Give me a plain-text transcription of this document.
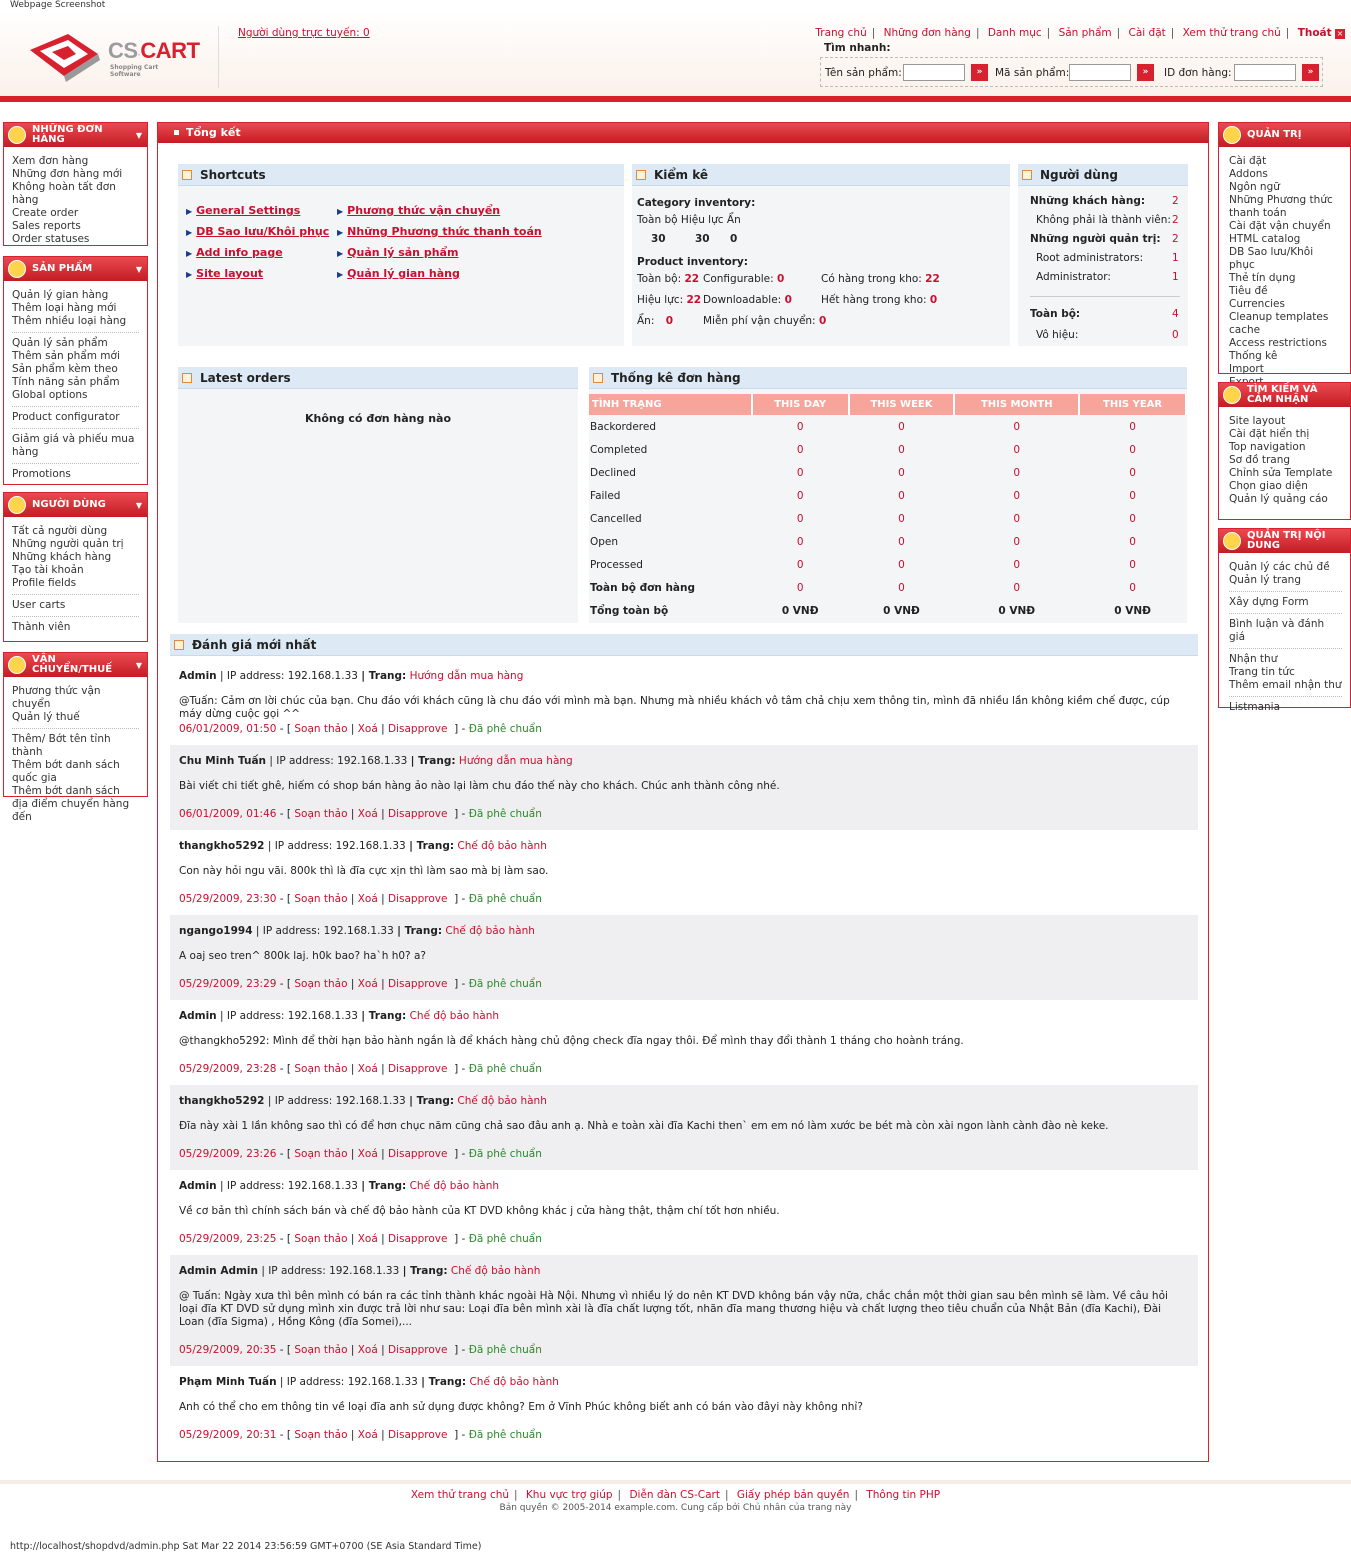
Webpage Screenshot
CS·CART
Shopping Cart Software
Người dùng trực tuyến: 0	Trang chủ | Những đơn hàng | Danh mục | Sản phẩm | Cài đặt | Xem thử trang chủ | Thoát ×
Tìm nhanh:
Tên sản phẩm:	»	Mã sản phẩm:	»	ID đơn hàng:	»
NHỮNG ĐƠN HÀNG	▼
Xem đơn hàng
Những đơn hàng mới
Không hoàn tất đơn hàng
Create order
Sales reports
Order statuses
SẢN PHẨM	▼
Quản lý gian hàng
Thêm loại hàng mới
Thêm nhiều loại hàng
Quản lý sản phẩm
Thêm sản phẩm mới
Sản phẩm kèm theo
Tính năng sản phẩm
Global options
Product configurator
Giảm giá và phiếu mua hàng
Promotions
NGƯỜI DÙNG	▼
Tất cả người dùng
Những người quản trị
Những khách hàng
Tạo tài khoản
Profile fields
User carts
Thành viên
VẬN CHUYỂN/THUẾ	▼
Phương thức vận chuyển
Quản lý thuế
Thêm/ Bớt tên tỉnh thành
Thêm bớt danh sách quốc gia
Thêm bớt danh sách địa điểm chuyển hàng đến
QUẢN TRỊ
Cài đặt
Addons
Ngôn ngữ
Những Phương thức thanh toán
Cài đặt vận chuyển
HTML catalog
DB Sao lưu/Khôi phục
Thẻ tín dụng
Tiêu đề
Currencies
Cleanup templates cache
Access restrictions
Thống kê
Import
TÌM KIẾM VÀ CẢM NHẬN
Site layout
Cài đặt hiển thị
Top navigation
Sơ đồ trang
Chỉnh sửa Template
Chọn giao diện
Quản lý quảng cáo
QUẢN TRỊ NỘI DUNG
Quản lý các chủ đề
Quản lý trang
Xây dựng Form
Bình luận và đánh giá
Nhận thư
Trang tin tức
Thêm email nhận thư
Listmania
Tổng kết
Shortcuts
▶ General Settings
▶ DB Sao lưu/Khôi phục
▶ Add info page
▶ Site layout
▶ Phương thức vận chuyển
▶ Những Phương thức thanh toán
▶ Quản lý sản phẩm
▶ Quản lý gian hàng
Kiểm kê
Category inventory:
Toàn bộ Hiệu lực Ẩn
30	30 0
Product inventory:
Toàn bộ: 22 Configurable: 0	Có hàng trong kho: 22
Hiệu lực: 22 Downloadable: 0	Hết hàng trong kho: 0
Ẩn: 0	Miễn phí vận chuyển: 0
Người dùng
Những khách hàng:	2
Không phải là thành viên: 2
Những người quản trị: 2
Root administrators:	1
Administrator:	1
Toàn bộ:	4
Vô hiệu:	0
Latest orders
Không có đơn hàng nào
Thống kê đơn hàng
TÌNH TRẠNG	THIS DAY	THIS WEEK	THIS MONTH	THIS YEAR
Backordered	0	0	0	0
Completed	0	0	0	0
Declined	0	0	0	0
Failed	0	0	0	0
Cancelled	0	0	0	0
Open	0	0	0	0
Processed	0	0	0	0
Toàn bộ đơn hàng	0	0	0	0
Tổng toàn bộ	0 VNĐ	0 VNĐ	0 VNĐ	0 VNĐ
Đánh giá mới nhất
Admin | IP address: 192.168.1.33 | Trang: Hướng dẫn mua hàng
@Tuấn: Cảm ơn lời chúc của bạn. Chu đáo với khách cũng là chu đáo với mình mà bạn. Nhưng mà nhiều khách vô tâm chả chịu xem thông tin, mình đã nhiều lần không kiềm chế được, cúp máy dừng cuộc gọi ^^
06/01/2009, 01:50 - [ Soạn thảo | Xoá | Disapprove  ] - Đã phê chuẩn
Chu Minh Tuấn | IP address: 192.168.1.33 | Trang: Hướng dẫn mua hàng
Bài viết chi tiết ghê, hiếm có shop bán hàng ảo nào lại làm chu đáo thế này cho khách. Chúc anh thành công nhé.
06/01/2009, 01:46 - [ Soạn thảo | Xoá | Disapprove  ] - Đã phê chuẩn
thangkho5292 | IP address: 192.168.1.33 | Trang: Chế độ bảo hành
Con này hỏi ngu vãi. 800k thì là đĩa cực xịn thì làm sao mà bị làm sao.
05/29/2009, 23:30 - [ Soạn thảo | Xoá | Disapprove  ] - Đã phê chuẩn
ngango1994 | IP address: 192.168.1.33 | Trang: Chế độ bảo hành
A oaj seo tren^ 800k laj. h0k bao? ha`h h0? a?
05/29/2009, 23:29 - [ Soạn thảo | Xoá | Disapprove  ] - Đã phê chuẩn
Admin | IP address: 192.168.1.33 | Trang: Chế độ bảo hành
@thangkho5292: Mình để thời hạn bảo hành ngắn là để khách hàng chủ động check đĩa ngay thôi. Để mình thay đổi thành 1 tháng cho hoành tráng.
05/29/2009, 23:28 - [ Soạn thảo | Xoá | Disapprove  ] - Đã phê chuẩn
thangkho5292 | IP address: 192.168.1.33 | Trang: Chế độ bảo hành
Đĩa này xài 1 lần không sao thì có để hơn chục năm cũng chả sao đâu anh ạ. Nhà e toàn xài đĩa Kachi then` em em nó làm xước be bét mà còn xài ngon lành cành đào nè keke.
05/29/2009, 23:26 - [ Soạn thảo | Xoá | Disapprove  ] - Đã phê chuẩn
Admin | IP address: 192.168.1.33 | Trang: Chế độ bảo hành
Về cơ bản thì chính sách bán và chế độ bảo hành của KT DVD không khác j cửa hàng thật, thậm chí tốt hơn nhiều.
05/29/2009, 23:25 - [ Soạn thảo | Xoá | Disapprove  ] - Đã phê chuẩn
Admin Admin | IP address: 192.168.1.33 | Trang: Chế độ bảo hành
@ Tuấn: Ngày xưa thì bên mình có bán ra các tỉnh thành khác ngoài Hà Nội. Nhưng vì nhiều lý do nên KT DVD không bán vậy nữa, chắc chắn một thời gian sau bên mình sẽ làm. Về câu hỏi loại đĩa KT DVD sử dụng mình xin được trả lời như sau: Loại đĩa bên mình xài là đĩa chất lượng tốt, nhãn đĩa mang thương hiệu và chất lượng theo tiêu chuẩn của Nhật Bản (đĩa Kachi), Đài Loan (đĩa Sigma) , Hồng Kông (đĩa Somei),...
05/29/2009, 20:35 - [ Soạn thảo | Xoá | Disapprove  ] - Đã phê chuẩn
Phạm Minh Tuấn | IP address: 192.168.1.33 | Trang: Chế độ bảo hành
Anh có thể cho em thông tin về loại đĩa anh sử dụng được không? Em ở Vĩnh Phúc không biết anh có bán vào đâyi này không nhỉ?
05/29/2009, 20:31 - [ Soạn thảo | Xoá | Disapprove  ] - Đã phê chuẩn
Xem thử trang chủ | Khu vực trợ giúp | Diễn đàn CS-Cart | Giấy phép bản quyền | Thông tin PHP
Bản quyền © 2005-2014 example.com. Cung cấp bởi Chủ nhân của trang này
http://localhost/shopdvd/admin.php Sat Mar 22 2014 23:56:59 GMT+0700 (SE Asia Standard Time)
